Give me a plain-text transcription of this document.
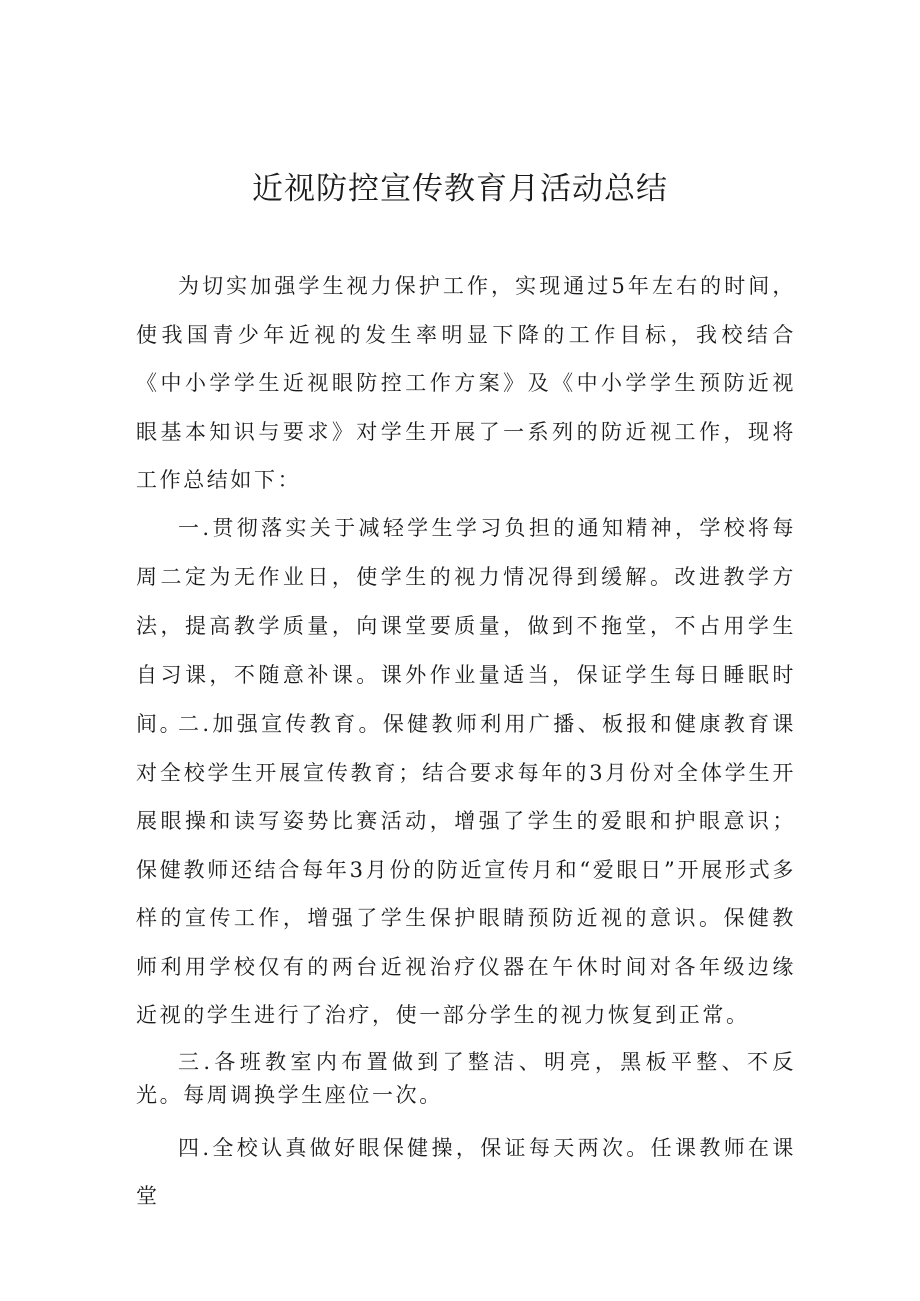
近视防控宣传教育月活动总结

为切实加强学生视力保护工作，实现通过5年左右的时间，使我国青少年近视的发生率明显下降的工作目标，我校结合《中小学学生近视眼防控工作方案》及《中小学学生预防近视眼基本知识与要求》对学生开展了一系列的防近视工作，现将工作总结如下：

一.贯彻落实关于减轻学生学习负担的通知精神，学校将每周二定为无作业日，使学生的视力情况得到缓解。改进教学方法，提高教学质量，向课堂要质量，做到不拖堂，不占用学生自习课，不随意补课。课外作业量适当，保证学生每日睡眠时间。

二.加强宣传教育。保健教师利用广播、板报和健康教育课对全校学生开展宣传教育；结合要求每年的3月份对全体学生开展眼操和读写姿势比赛活动，增强了学生的爱眼和护眼意识；保健教师还结合每年3月份的防近宣传月和“爱眼日”开展形式多样的宣传工作，增强了学生保护眼睛预防近视的意识。保健教师利用学校仅有的两台近视治疗仪器在午休时间对各年级边缘近视的学生进行了治疗，使一部分学生的视力恢复到正常。

三.各班教室内布置做到了整洁、明亮，黑板平整、不反光。每周调换学生座位一次。

四.全校认真做好眼保健操，保证每天两次。任课教师在课堂
